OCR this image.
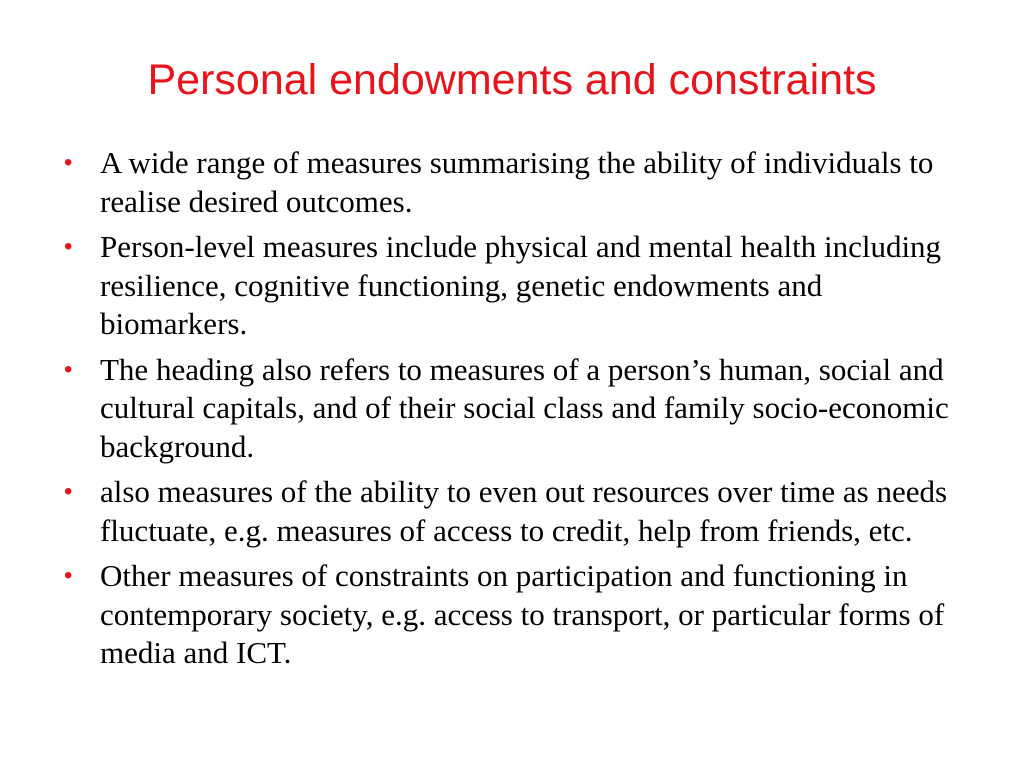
Personal endowments and constraints
• A wide range of measures summarising the ability of individuals to realise desired outcomes.
• Person-level measures include physical and mental health including resilience, cognitive functioning, genetic endowments and biomarkers.
• The heading also refers to measures of a person’s human, social and cultural capitals, and of their social class and family socio-economic background.
• also measures of the ability to even out resources over time as needs fluctuate, e.g. measures of access to credit, help from friends, etc.
• Other measures of constraints on participation and functioning in contemporary society, e.g. access to transport, or particular forms of media and ICT.
